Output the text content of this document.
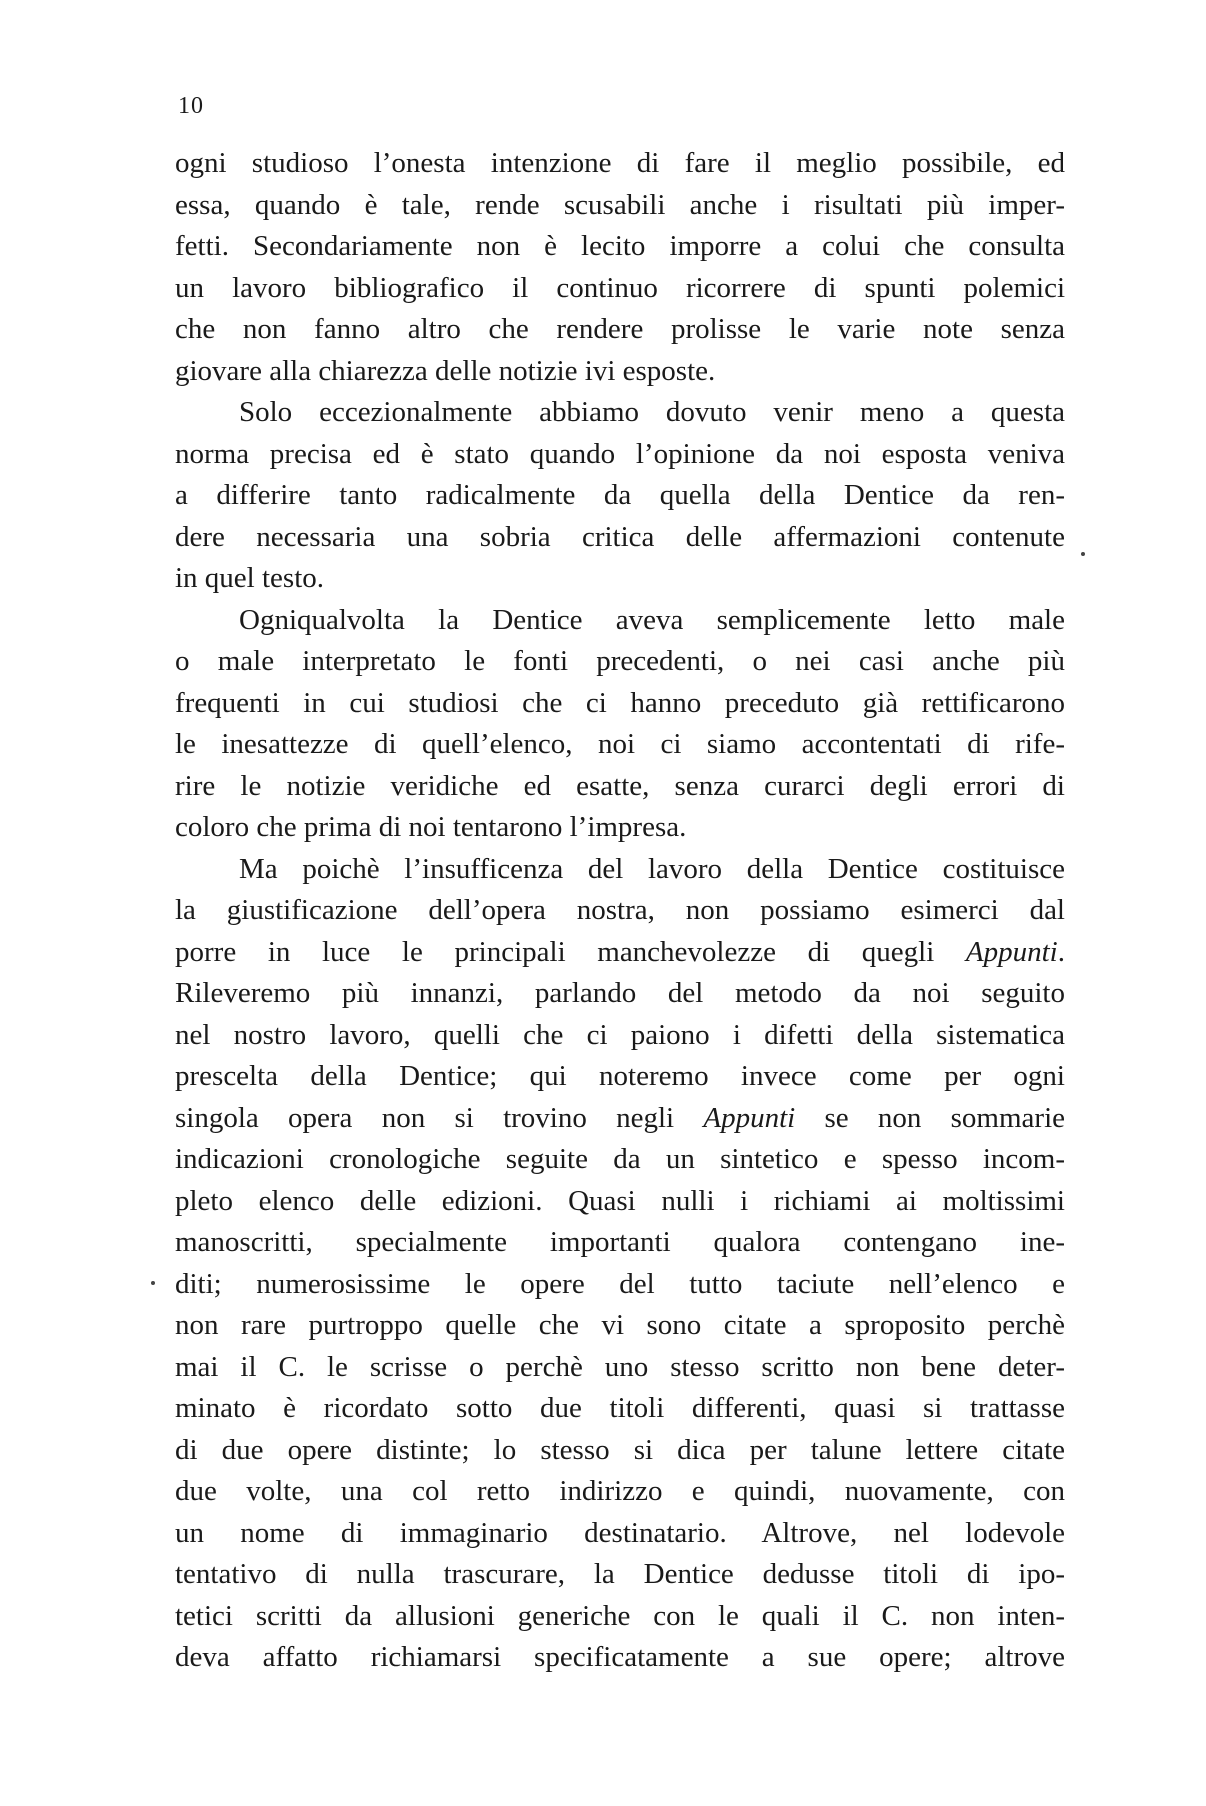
10
ogni studioso l’onesta intenzione di fare il meglio possibile, ed
essa, quando è tale, rende scusabili anche i risultati più imper-
fetti. Secondariamente non è lecito imporre a colui che consulta
un lavoro bibliografico il continuo ricorrere di spunti polemici
che non fanno altro che rendere prolisse le varie note senza
giovare alla chiarezza delle notizie ivi esposte.
Solo eccezionalmente abbiamo dovuto venir meno a questa
norma precisa ed è stato quando l’opinione da noi esposta veniva
a differire tanto radicalmente da quella della Dentice da ren-
dere necessaria una sobria critica delle affermazioni contenute
in quel testo.
Ogniqualvolta la Dentice aveva semplicemente letto male
o male interpretato le fonti precedenti, o nei casi anche più
frequenti in cui studiosi che ci hanno preceduto già rettificarono
le inesattezze di quell’elenco, noi ci siamo accontentati di rife-
rire le notizie veridiche ed esatte, senza curarci degli errori di
coloro che prima di noi tentarono l’impresa.
Ma poichè l’insufficenza del lavoro della Dentice costituisce
la giustificazione dell’opera nostra, non possiamo esimerci dal
porre in luce le principali manchevolezze di quegli Appunti.
Rileveremo più innanzi, parlando del metodo da noi seguito
nel nostro lavoro, quelli che ci paiono i difetti della sistematica
prescelta della Dentice; qui noteremo invece come per ogni
singola opera non si trovino negli Appunti se non sommarie
indicazioni cronologiche seguite da un sintetico e spesso incom-
pleto elenco delle edizioni. Quasi nulli i richiami ai moltissimi
manoscritti, specialmente importanti qualora contengano ine-
diti; numerosissime le opere del tutto taciute nell’elenco e
non rare purtroppo quelle che vi sono citate a sproposito perchè
mai il C. le scrisse o perchè uno stesso scritto non bene deter-
minato è ricordato sotto due titoli differenti, quasi si trattasse
di due opere distinte; lo stesso si dica per talune lettere citate
due volte, una col retto indirizzo e quindi, nuovamente, con
un nome di immaginario destinatario. Altrove, nel lodevole
tentativo di nulla trascurare, la Dentice dedusse titoli di ipo-
tetici scritti da allusioni generiche con le quali il C. non inten-
deva affatto richiamarsi specificatamente a sue opere; altrove
